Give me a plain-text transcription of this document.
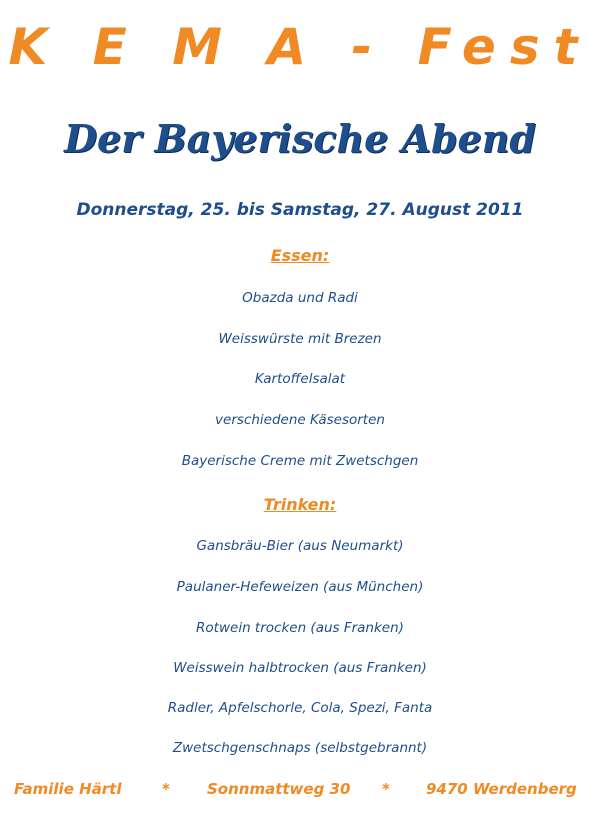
K E M A - Fest
Der Bayerische Abend
Donnerstag, 25. bis Samstag, 27. August 2011
Essen:
Obazda und Radi
Weisswürste mit Brezen
Kartoffelsalat
verschiedene Käsesorten
Bayerische Creme mit Zwetschgen
Trinken:
Gansbräu-Bier (aus Neumarkt)
Paulaner-Hefeweizen (aus München)
Rotwein trocken (aus Franken)
Weisswein halbtrocken (aus Franken)
Radler, Apfelschorle, Cola, Spezi, Fanta
Zwetschgenschnaps (selbstgebrannt)
Familie Härtl	* Sonnmattweg 30 * 9470 Werdenberg
